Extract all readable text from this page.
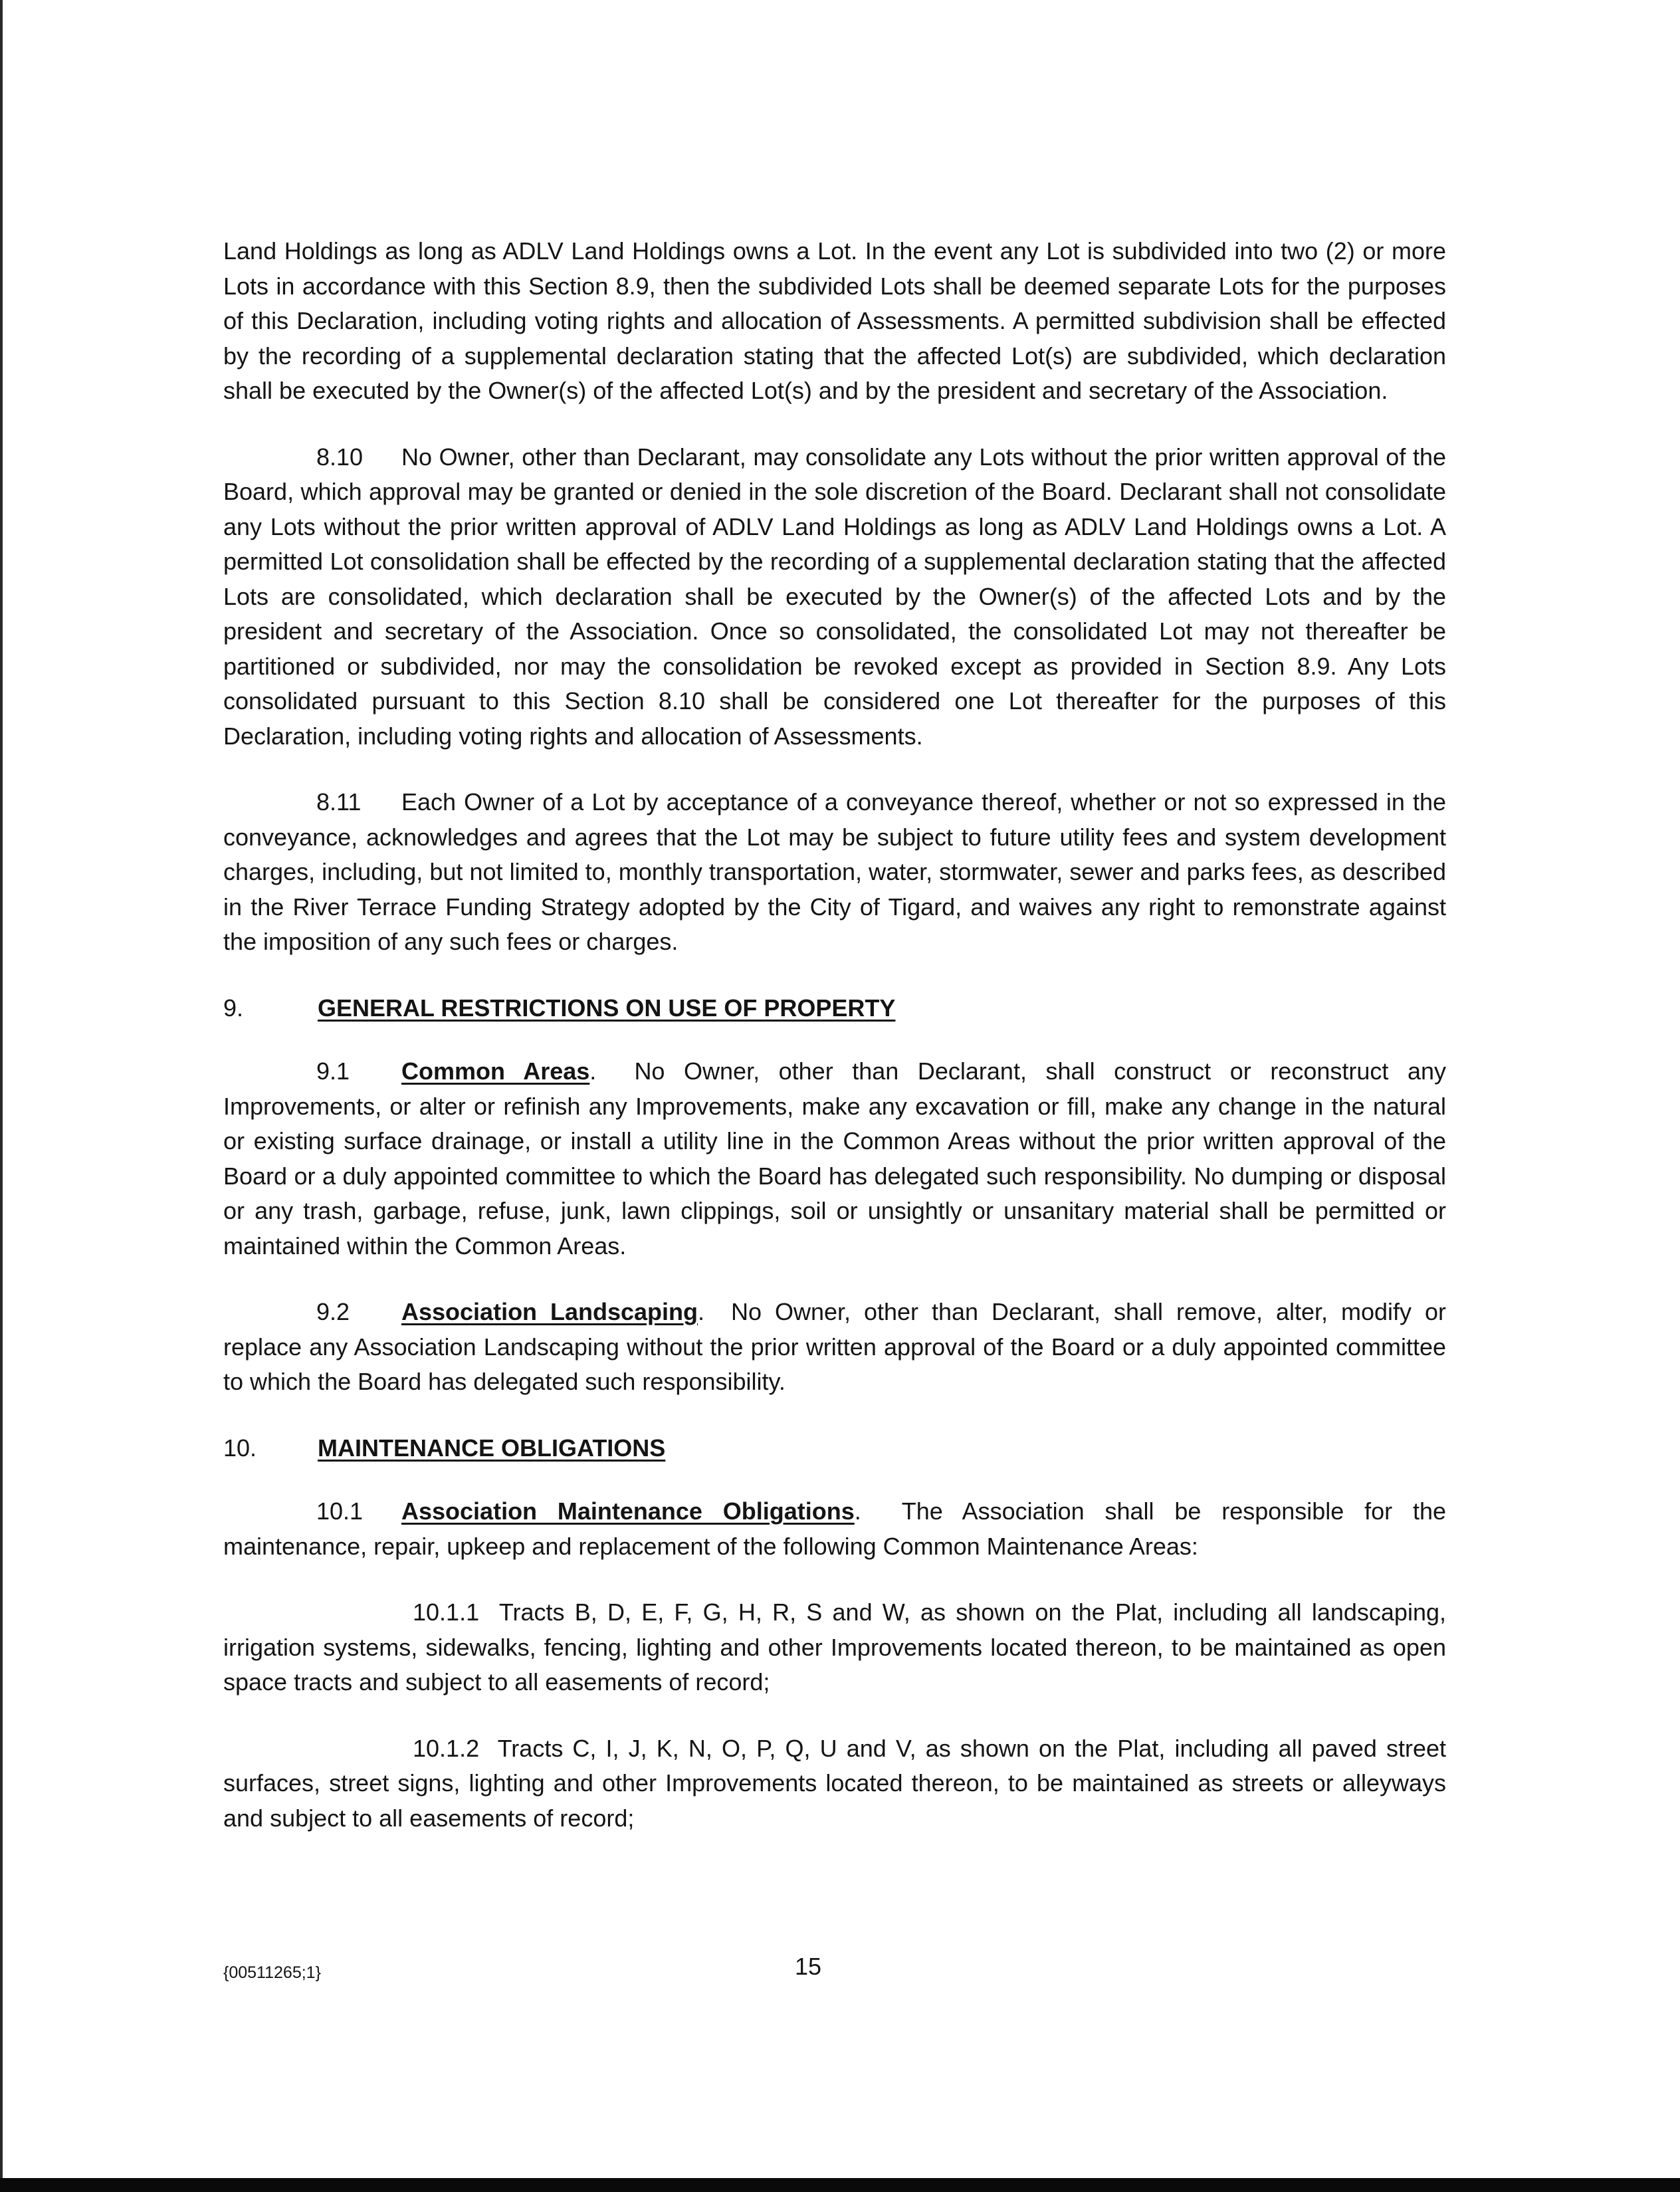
Land Holdings as long as ADLV Land Holdings owns a Lot. In the event any Lot is subdivided into two (2) or more Lots in accordance with this Section 8.9, then the subdivided Lots shall be deemed separate Lots for the purposes of this Declaration, including voting rights and allocation of Assessments. A permitted subdivision shall be effected by the recording of a supplemental declaration stating that the affected Lot(s) are subdivided, which declaration shall be executed by the Owner(s) of the affected Lot(s) and by the president and secretary of the Association.

8.10 No Owner, other than Declarant, may consolidate any Lots without the prior written approval of the Board, which approval may be granted or denied in the sole discretion of the Board. Declarant shall not consolidate any Lots without the prior written approval of ADLV Land Holdings as long as ADLV Land Holdings owns a Lot. A permitted Lot consolidation shall be effected by the recording of a supplemental declaration stating that the affected Lots are consolidated, which declaration shall be executed by the Owner(s) of the affected Lots and by the president and secretary of the Association. Once so consolidated, the consolidated Lot may not thereafter be partitioned or subdivided, nor may the consolidation be revoked except as provided in Section 8.9. Any Lots consolidated pursuant to this Section 8.10 shall be considered one Lot thereafter for the purposes of this Declaration, including voting rights and allocation of Assessments.

8.11 Each Owner of a Lot by acceptance of a conveyance thereof, whether or not so expressed in the conveyance, acknowledges and agrees that the Lot may be subject to future utility fees and system development charges, including, but not limited to, monthly transportation, water, stormwater, sewer and parks fees, as described in the River Terrace Funding Strategy adopted by the City of Tigard, and waives any right to remonstrate against the imposition of any such fees or charges.

9.	GENERAL RESTRICTIONS ON USE OF PROPERTY

9.1 Common Areas.  No Owner, other than Declarant, shall construct or reconstruct any Improvements, or alter or refinish any Improvements, make any excavation or fill, make any change in the natural or existing surface drainage, or install a utility line in the Common Areas without the prior written approval of the Board or a duly appointed committee to which the Board has delegated such responsibility. No dumping or disposal or any trash, garbage, refuse, junk, lawn clippings, soil or unsightly or unsanitary material shall be permitted or maintained within the Common Areas.

9.2 Association Landscaping.  No Owner, other than Declarant, shall remove, alter, modify or replace any Association Landscaping without the prior written approval of the Board or a duly appointed committee to which the Board has delegated such responsibility.

10.	MAINTENANCE OBLIGATIONS

10.1 Association Maintenance Obligations.  The Association shall be responsible for the maintenance, repair, upkeep and replacement of the following Common Maintenance Areas:

10.1.1 Tracts B, D, E, F, G, H, R, S and W, as shown on the Plat, including all landscaping, irrigation systems, sidewalks, fencing, lighting and other Improvements located thereon, to be maintained as open space tracts and subject to all easements of record;

10.1.2 Tracts C, I, J, K, N, O, P, Q, U and V, as shown on the Plat, including all paved street surfaces, street signs, lighting and other Improvements located thereon, to be maintained as streets or alleyways and subject to all easements of record;

{00511265;1}	15
